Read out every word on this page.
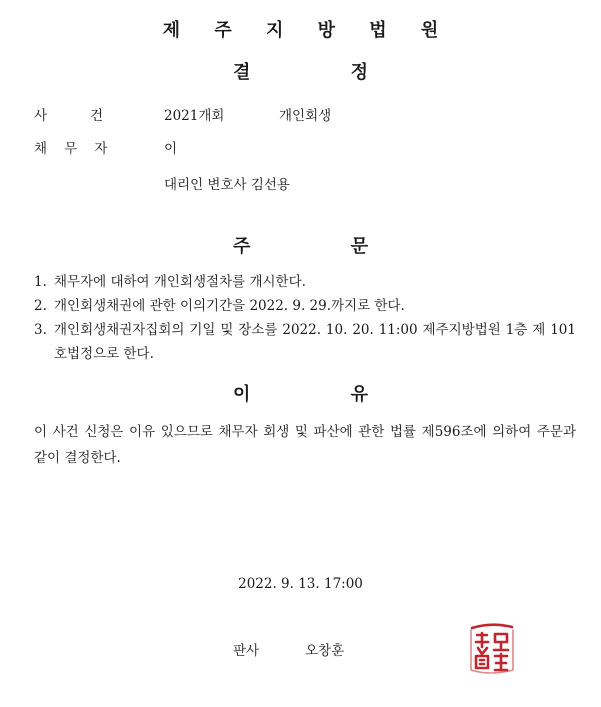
제 주 지 방 법 원
결                정
사          건	2021개회	개인회생
채    무    자	이
대리인 변호사 김선용
주                문
1. 채무자에 대하여 개인회생절차를 개시한다.
2. 개인회생채권에 관한 이의기간을 2022. 9. 29.까지로 한다.
3. 개인회생채권자집회의 기일 및 장소를 2022. 10. 20. 11:00 제주지방법원 1층 제 101호법정으로 한다.
이                유
이 사건 신청은 이유 있으므로 채무자 회생 및 파산에 관한 법률 제596조에 의하여 주문과 같이 결정한다.
2022. 9. 13. 17:00
판사	오창훈
